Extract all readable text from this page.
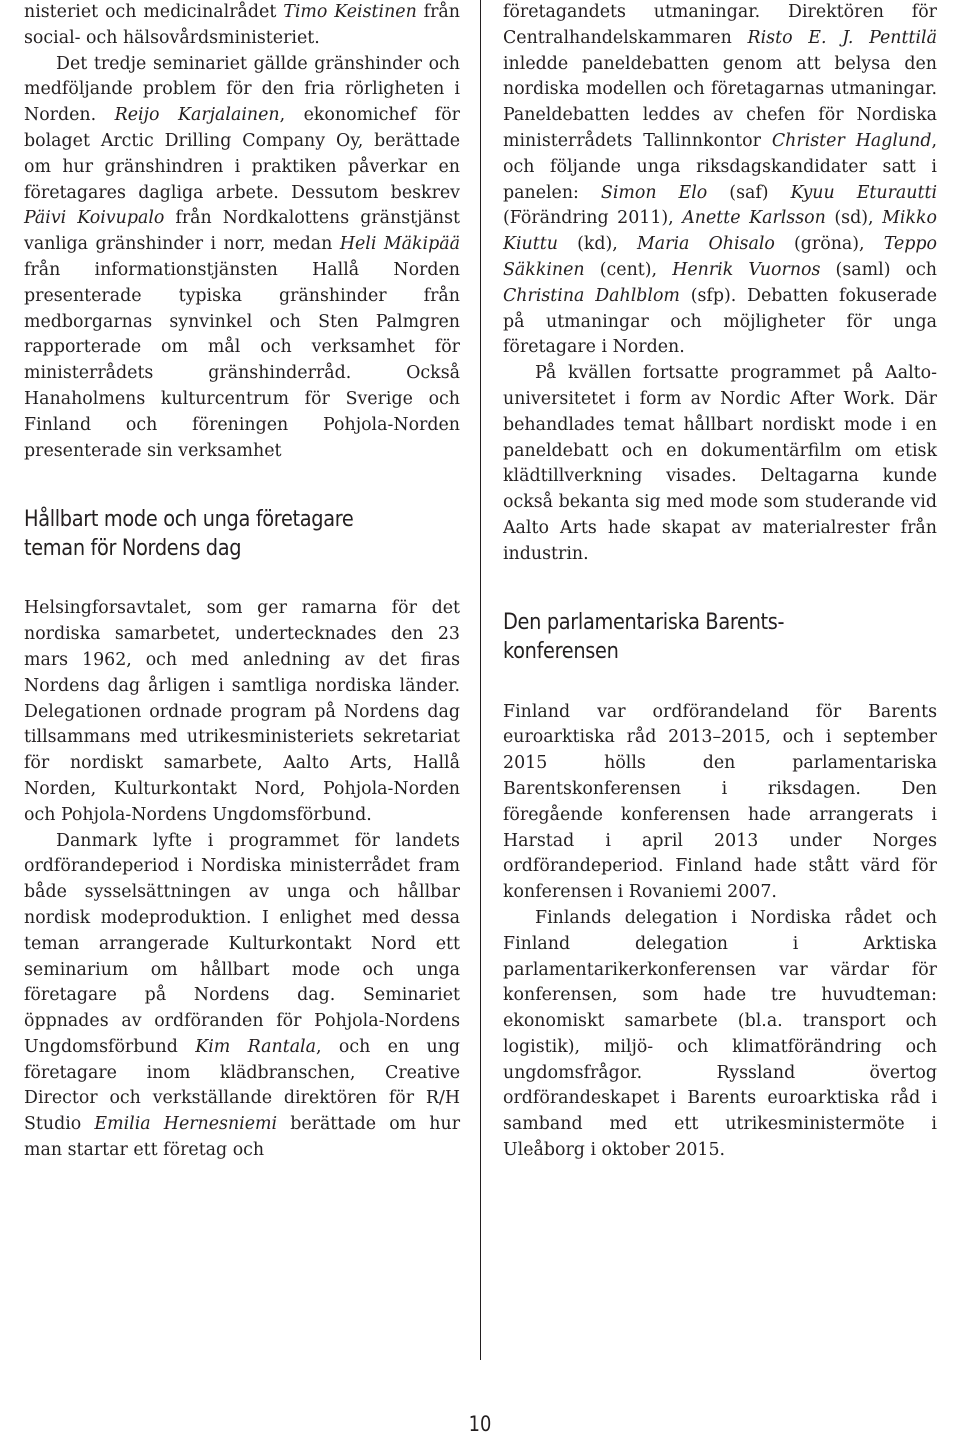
nisteriet och medicinalrådet Timo Keistinen från social- och hälsovårdsministeriet.

Det tredje seminariet gällde gränshinder och medföljande problem för den fria rörligheten i Norden. Reijo Karjalainen, ekonomichef för bolaget Arctic Drilling Company Oy, berättade om hur gränshindren i praktiken påverkar en företagares dagliga arbete. Dessutom beskrev Päivi Koivupalo från Nordkalottens gränstjänst vanliga gränshinder i norr, medan Heli Mäkipää från informationstjänsten Hallå Norden presenterade typiska gränshinder från medborgarnas synvinkel och Sten Palmgren rapporterade om mål och verksamhet för ministerrådets gränshinderråd. Också Hanaholmens kulturcentrum för Sverige och Finland och föreningen Pohjola-Norden presenterade sin verksamhet

Hållbart mode och unga företagare
teman för Nordens dag

Helsingforsavtalet, som ger ramarna för det nordiska samarbetet, undertecknades den 23 mars 1962, och med anledning av det firas Nordens dag årligen i samtliga nordiska länder. Delegationen ordnade program på Nordens dag tillsammans med utrikesministeriets sekretariat för nordiskt samarbete, Aalto Arts, Hallå Norden, Kulturkontakt Nord, Pohjola-Norden och Pohjola-Nordens Ungdomsförbund.

Danmark lyfte i programmet för landets ordförandeperiod i Nordiska ministerrådet fram både sysselsättningen av unga och hållbar nordisk modeproduktion. I enlighet med dessa teman arrangerade Kulturkontakt Nord ett seminarium om hållbart mode och unga företagare på Nordens dag. Seminariet öppnades av ordföranden för Pohjola-Nordens Ungdomsförbund Kim Rantala, och en ung företagare inom klädbranschen, Creative Director och verkställande direktören för R/H Studio Emilia Hernesniemi berättade om hur man startar ett företag och

företagandets utmaningar. Direktören för Centralhandelskammaren Risto E. J. Penttilä inledde paneldebatten genom att belysa den nordiska modellen och företagarnas utmaningar. Paneldebatten leddes av chefen för Nordiska ministerrådets Tallinnkontor Christer Haglund, och följande unga riksdagskandidater satt i panelen: Simon Elo (saf) Kyuu Eturautti (Förändring 2011), Anette Karlsson (sd), Mikko Kiuttu (kd), Maria Ohisalo (gröna), Teppo Säkkinen (cent), Henrik Vuornos (saml) och Christina Dahlblom (sfp). Debatten fokuserade på utmaningar och möjligheter för unga företagare i Norden.

På kvällen fortsatte programmet på Aalto-universitetet i form av Nordic After Work. Där behandlades temat hållbart nordiskt mode i en paneldebatt och en dokumentärfilm om etisk klädtillverkning visades. Deltagarna kunde också bekanta sig med mode som studerande vid Aalto Arts hade skapat av materialrester från industrin.

Den parlamentariska Barents-
konferensen

Finland var ordförandeland för Barents euroarktiska råd 2013–2015, och i september 2015 hölls den parlamentariska Barentskonferensen i riksdagen. Den föregående konferensen hade arrangerats i Harstad i april 2013 under Norges ordförandeperiod. Finland hade stått värd för konferensen i Rovaniemi 2007.

Finlands delegation i Nordiska rådet och Finland delegation i Arktiska parlamentarikerkonferensen var värdar för konferensen, som hade tre huvudteman: ekonomiskt samarbete (bl.a. transport och logistik), miljö- och klimatförändring och ungdomsfrågor. Ryssland övertog ordförandeskapet i Barents euroarktiska råd i samband med ett utrikesministermöte i Uleåborg i oktober 2015.

10
